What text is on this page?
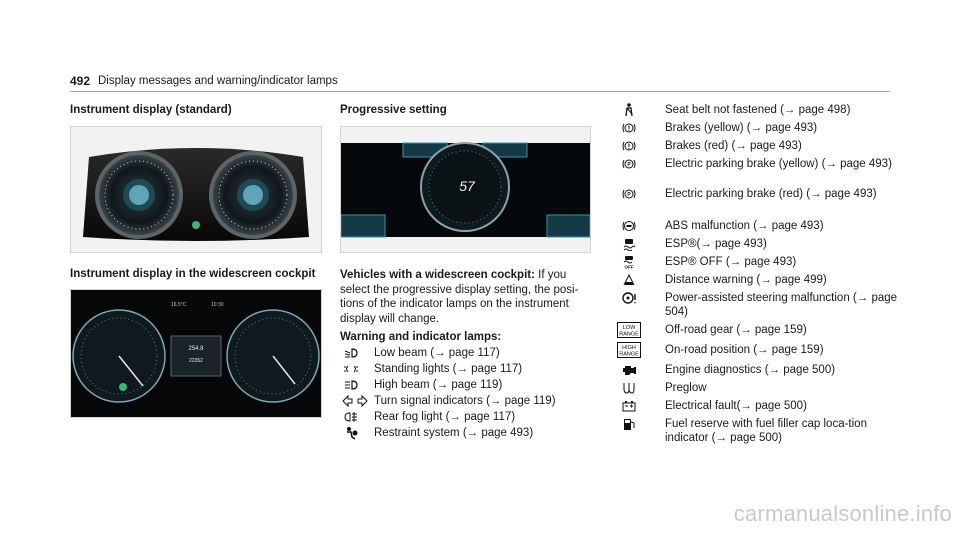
492 Display messages and warning/indicator lamps
Instrument display (standard)
Instrument display in the widescreen cockpit
254.8
22352
16.5°C	10:30
Progressive setting
57
Vehicles with a widescreen cockpit: If you select the progressive display setting, the posi-tions of the indicator lamps on the instrument display will change.
Warning and indicator lamps:
Low beam (→ page 117)
Standing lights (→ page 117)
High beam (→ page 119)
Turn signal indicators (→ page 119)
Rear fog light (→ page 117)
Restraint system (→ page 493)
Seat belt not fastened (→ page 498)
Brakes (yellow) (→ page 493)
Brakes (red) (→ page 493)
P	Electric parking brake (yellow) (→ page 493)
P	Electric parking brake (red) (→ page 493)
ABS malfunction (→ page 493)
ESP®(→ page 493)
OFF	ESP® OFF (→ page 493)
Distance warning (→ page 499)
Power-assisted steering malfunction (→ page 504)
LOW
RANGE Off-road gear (→ page 159)
HIGH
RANGE On-road position (→ page 159)
Engine diagnostics (→ page 500)
Preglow
Electrical fault(→ page 500)
Fuel reserve with fuel filler cap loca-tion indicator (→ page 500)
carmanualsonline.info
